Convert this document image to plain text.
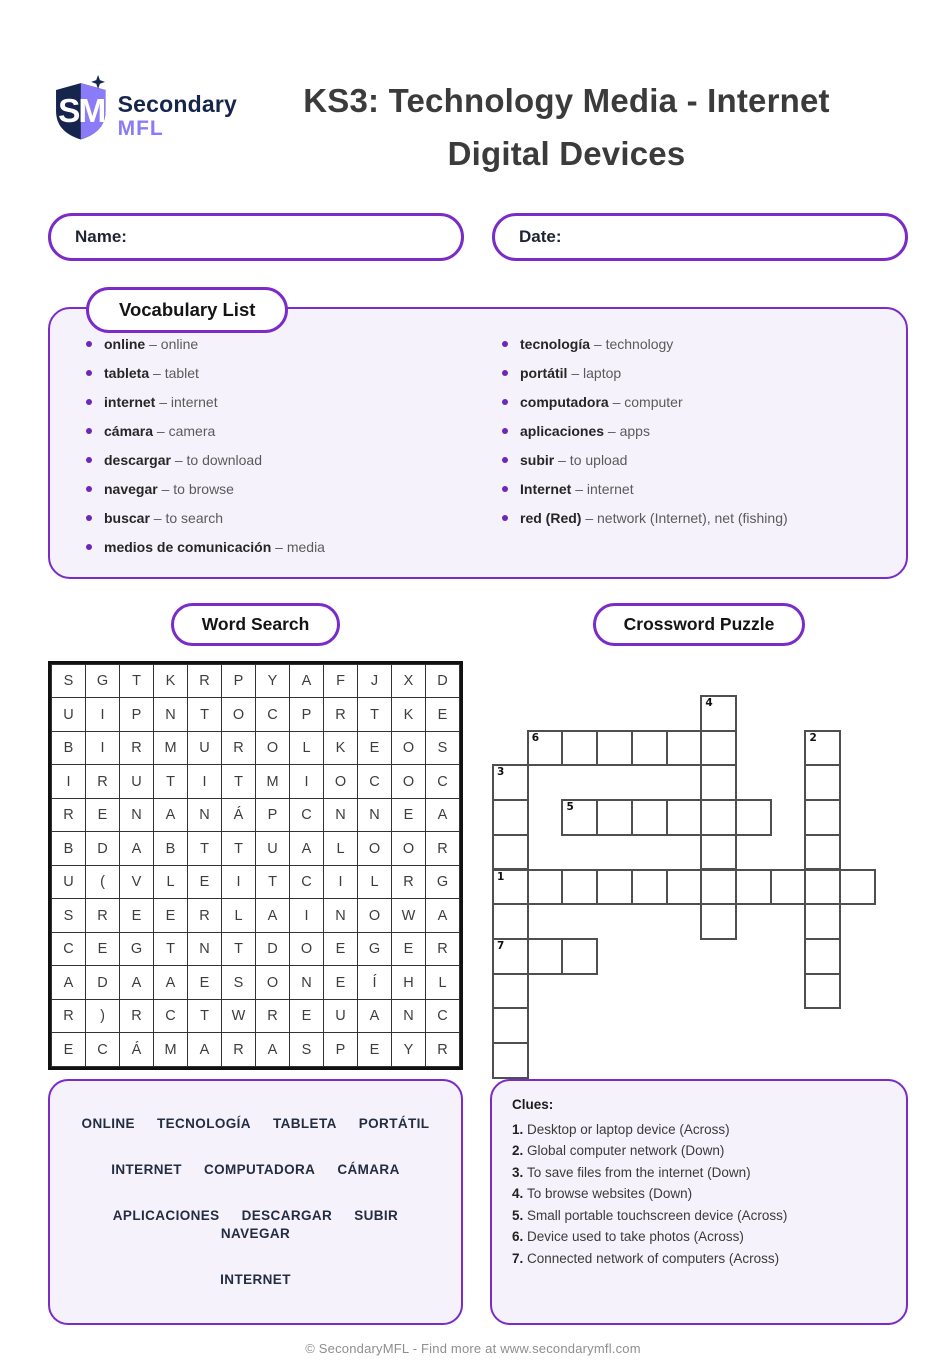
S
M Secondary
MFL
KS3: Technology Media - Internet
Digital Devices
Name:	Date:
Vocabulary List
online – online
tableta – tablet
internet – internet
cámara – camera
descargar – to download
navegar – to browse
buscar – to search
medios de comunicación – media
tecnología – technology
portátil – laptop
computadora – computer
aplicaciones – apps
subir – to upload
Internet – internet
red (Red) – network (Internet), net (fishing)
Word Search
S	G	T	K	R	P	Y	A	F	J	X	D
U	I	P	N	T	O	C	P	R	T	K	E
B	I	R	M	U	R	O	L	K	E	O	S
I	R	U	T	I	T	M	I	O	C	O	C
R	E	N	A	N	Á	P	C	N	N	E	A
B	D	A	B	T	T	U	A	L	O	O	R
U	(	V	L	E	I	T	C	I	L	R	G
S	R	E	E	R	L	A	I	N	O	W	A
C	E	G	T	N	T	D	O	E	G	E	R
A	D	A	A	E	S	O	N	E	Í	H	L
R	)	R	C	T	W	R	E	U	A	N	C
E	C	Á	M	A	R	A	S	P	E	Y	R
ONLINE TECNOLOGÍA TABLETA PORTÁTIL
INTERNET COMPUTADORA CÁMARA
APLICACIONES DESCARGAR SUBIRNAVEGAR
INTERNET
Crossword Puzzle
4
6	2
3
5
1
7
Clues:
1. Desktop or laptop device (Across)
2. Global computer network (Down)
3. To save files from the internet (Down)
4. To browse websites (Down)
5. Small portable touchscreen device (Across)
6. Device used to take photos (Across)
7. Connected network of computers (Across)
© SecondaryMFL - Find more at www.secondarymfl.com
